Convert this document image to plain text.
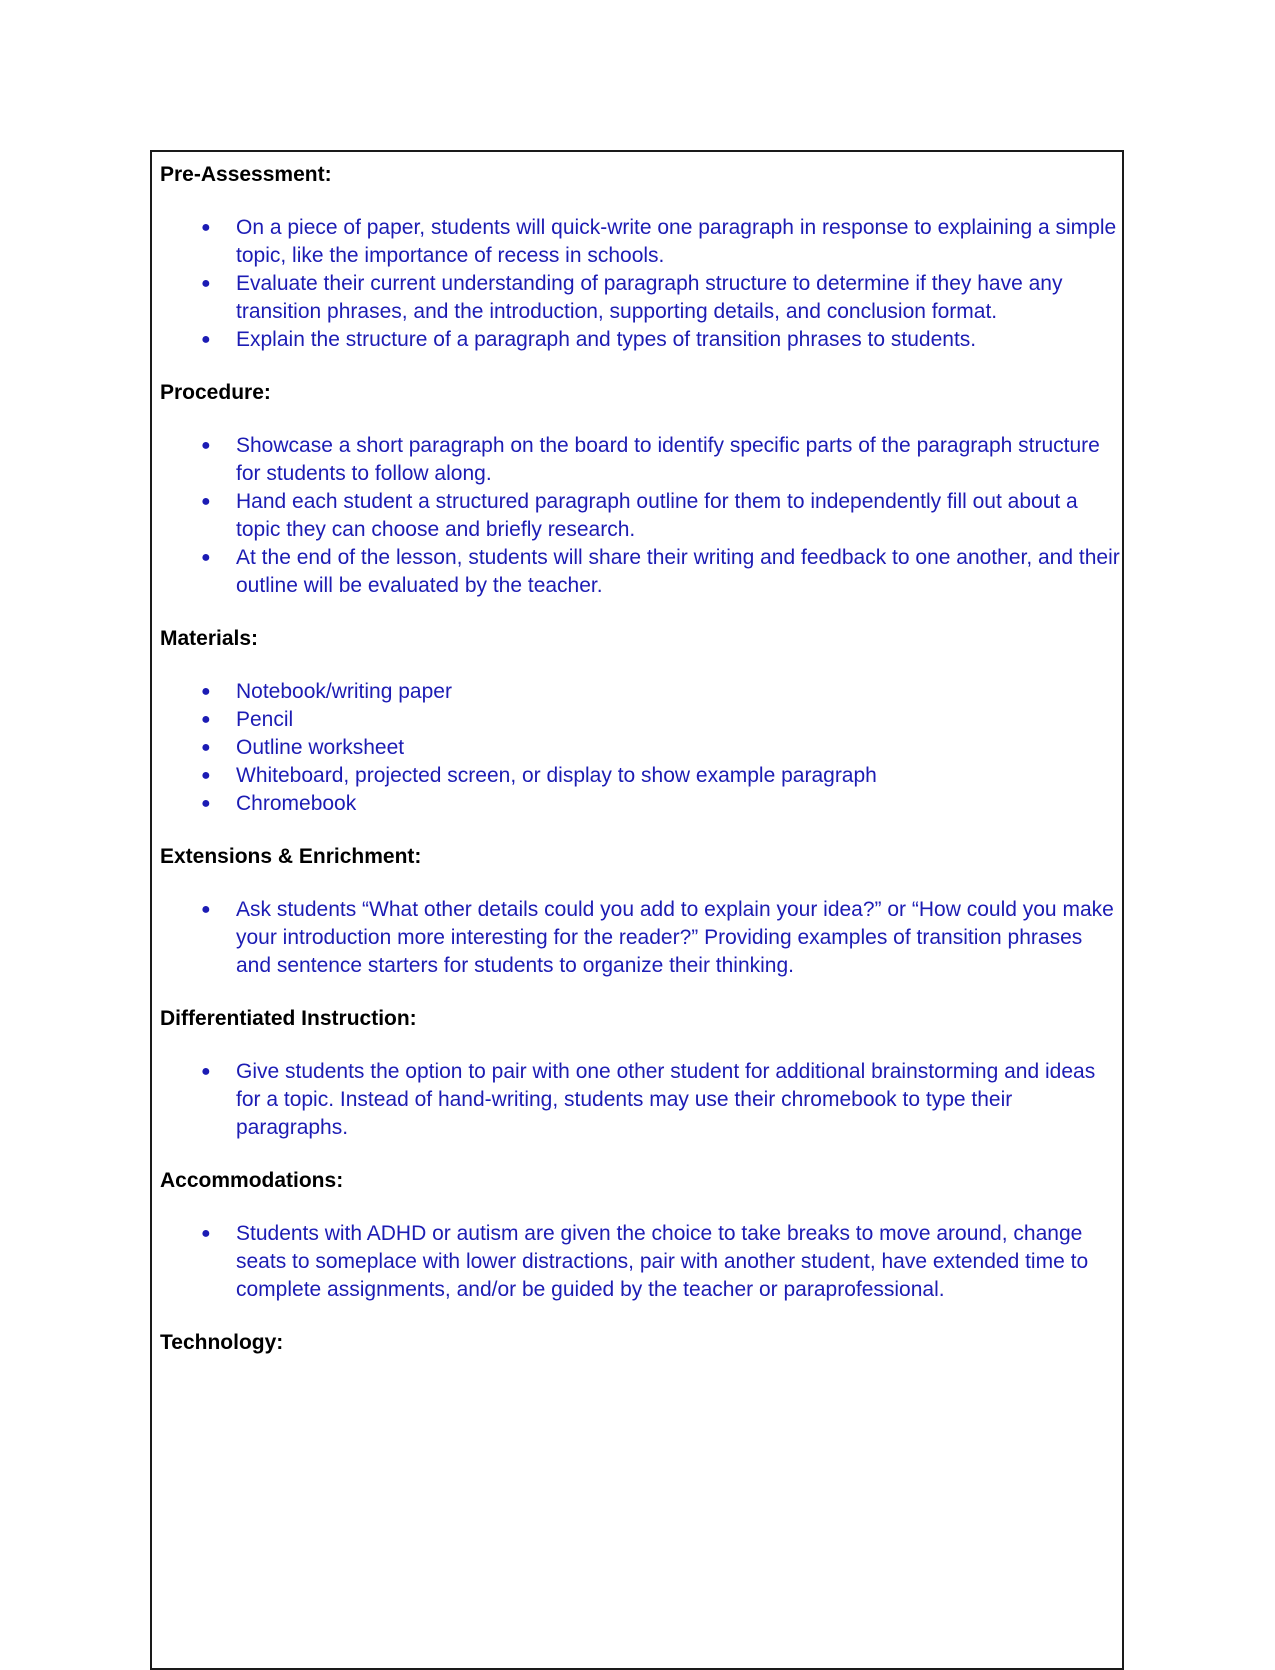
Pre-Assessment:
● On a piece of paper, students will quick-write one paragraph in response to explaining a simple topic, like the importance of recess in schools.
● Evaluate their current understanding of paragraph structure to determine if they have any transition phrases, and the introduction, supporting details, and conclusion format.
● Explain the structure of a paragraph and types of transition phrases to students.
Procedure:
● Showcase a short paragraph on the board to identify specific parts of the paragraph structure for students to follow along.
● Hand each student a structured paragraph outline for them to independently fill out about a topic they can choose and briefly research.
● At the end of the lesson, students will share their writing and feedback to one another, and their outline will be evaluated by the teacher.
Materials:
● Notebook/writing paper
● Pencil
● Outline worksheet
● Whiteboard, projected screen, or display to show example paragraph
● Chromebook
Extensions & Enrichment:
● Ask students “What other details could you add to explain your idea?” or “How could you make your introduction more interesting for the reader?” Providing examples of transition phrases and sentence starters for students to organize their thinking.
Differentiated Instruction:
● Give students the option to pair with one other student for additional brainstorming and ideas for a topic. Instead of hand-writing, students may use their chromebook to type their paragraphs.
Accommodations:
● Students with ADHD or autism are given the choice to take breaks to move around, change seats to someplace with lower distractions, pair with another student, have extended time to complete assignments, and/or be guided by the teacher or paraprofessional.
Technology:
